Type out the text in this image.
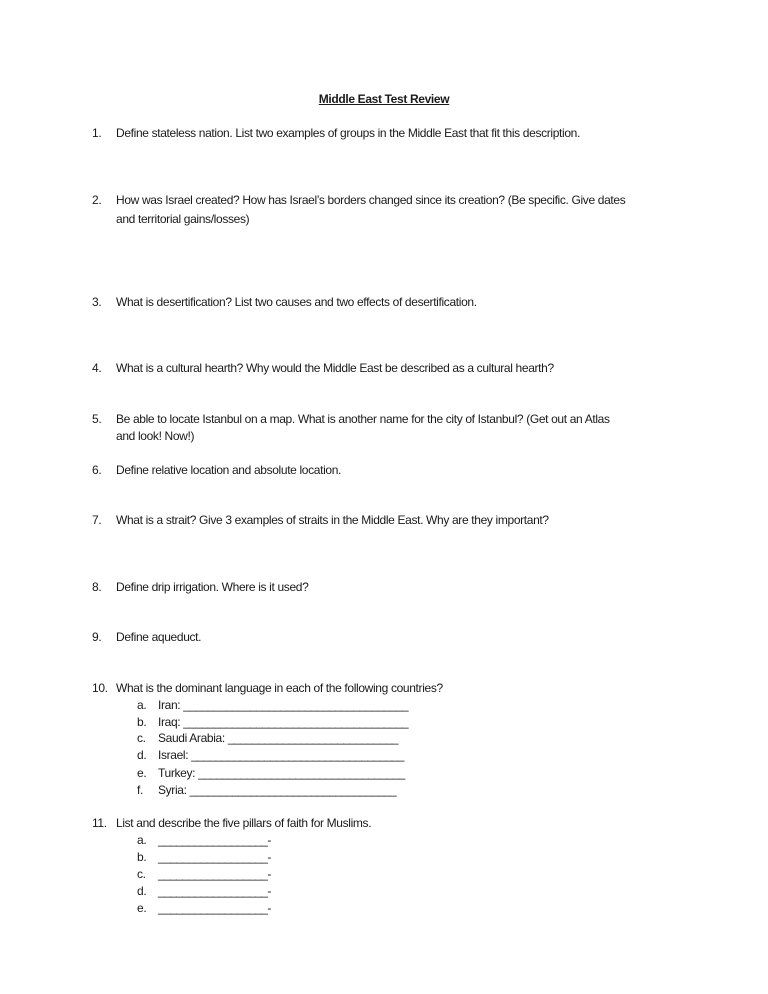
Middle East Test Review
1. Define stateless nation. List two examples of groups in the Middle East that fit this description.
2. How was Israel created? How has Israel’s borders changed since its creation? (Be specific. Give dates
and territorial gains/losses)
3. What is desertification? List two causes and two effects of desertification.
4. What is a cultural hearth? Why would the Middle East be described as a cultural hearth?
5. Be able to locate Istanbul on a map. What is another name for the city of Istanbul? (Get out an Atlas
and look! Now!)
6. Define relative location and absolute location.
7. What is a strait? Give 3 examples of straits in the Middle East. Why are they important?
8. Define drip irrigation. Where is it used?
9. Define aqueduct.
10. What is the dominant language in each of the following countries?
a. Iran: _____________________________________
b. Iraq: _____________________________________
c. Saudi Arabia: ____________________________
d. Israel: ___________________________________
e. Turkey: __________________________________
f. Syria: __________________________________
11. List and describe the five pillars of faith for Muslims.
a. __________________-
b. __________________-
c. __________________-
d. __________________-
e. __________________-
